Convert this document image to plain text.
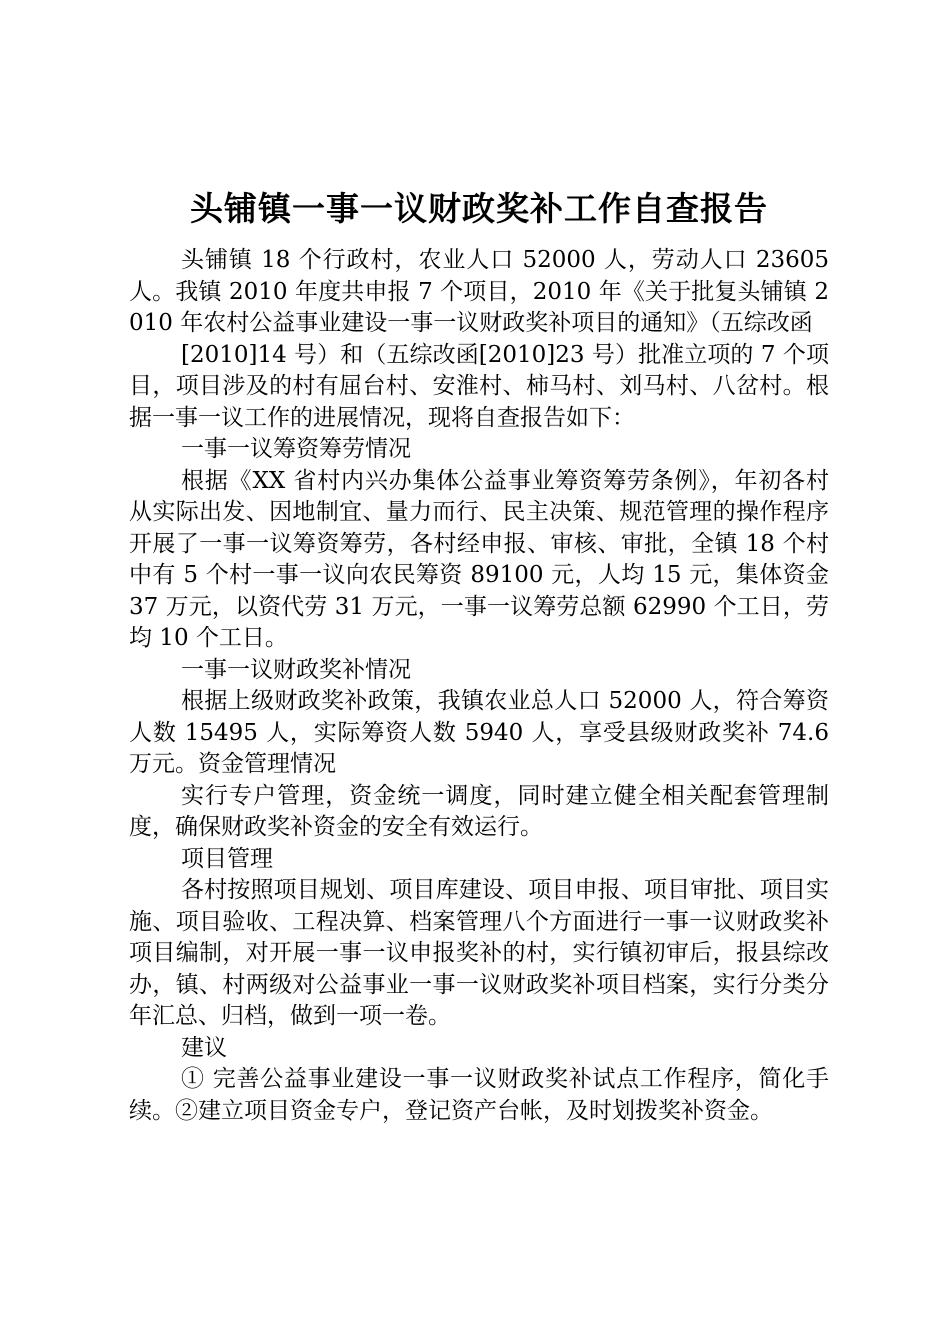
头铺镇一事一议财政奖补工作自查报告

头铺镇 18 个行政村，农业人口 52000 人，劳动人口 23605 人。我镇 2010 年度共申报 7 个项目，2010 年《关于批复头铺镇 2010 年农村公益事业建设一事一议财政奖补项目的通知》（五综改函

[2010]14 号）和（五综改函[2010]23 号）批准立项的 7 个项目，项目涉及的村有屈台村、安淮村、柿马村、刘马村、八岔村。根据一事一议工作的进展情况，现将自查报告如下：

一事一议筹资筹劳情况

根据《XX 省村内兴办集体公益事业筹资筹劳条例》，年初各村从实际出发、因地制宜、量力而行、民主决策、规范管理的操作程序开展了一事一议筹资筹劳，各村经申报、审核、审批，全镇 18 个村中有 5 个村一事一议向农民筹资 89100 元，人均 15 元，集体资金 37 万元，以资代劳 31 万元，一事一议筹劳总额 62990 个工日，劳均 10 个工日。

一事一议财政奖补情况

根据上级财政奖补政策，我镇农业总人口 52000 人，符合筹资人数 15495 人，实际筹资人数 5940 人，享受县级财政奖补 74.6 万元。资金管理情况

实行专户管理，资金统一调度，同时建立健全相关配套管理制度，确保财政奖补资金的安全有效运行。

项目管理

各村按照项目规划、项目库建设、项目申报、项目审批、项目实施、项目验收、工程决算、档案管理八个方面进行一事一议财政奖补项目编制，对开展一事一议申报奖补的村，实行镇初审后，报县综改办，镇、村两级对公益事业一事一议财政奖补项目档案，实行分类分年汇总、归档，做到一项一卷。

建议

① 完善公益事业建设一事一议财政奖补试点工作程序，简化手续。②建立项目资金专户，登记资产台帐，及时划拨奖补资金。
